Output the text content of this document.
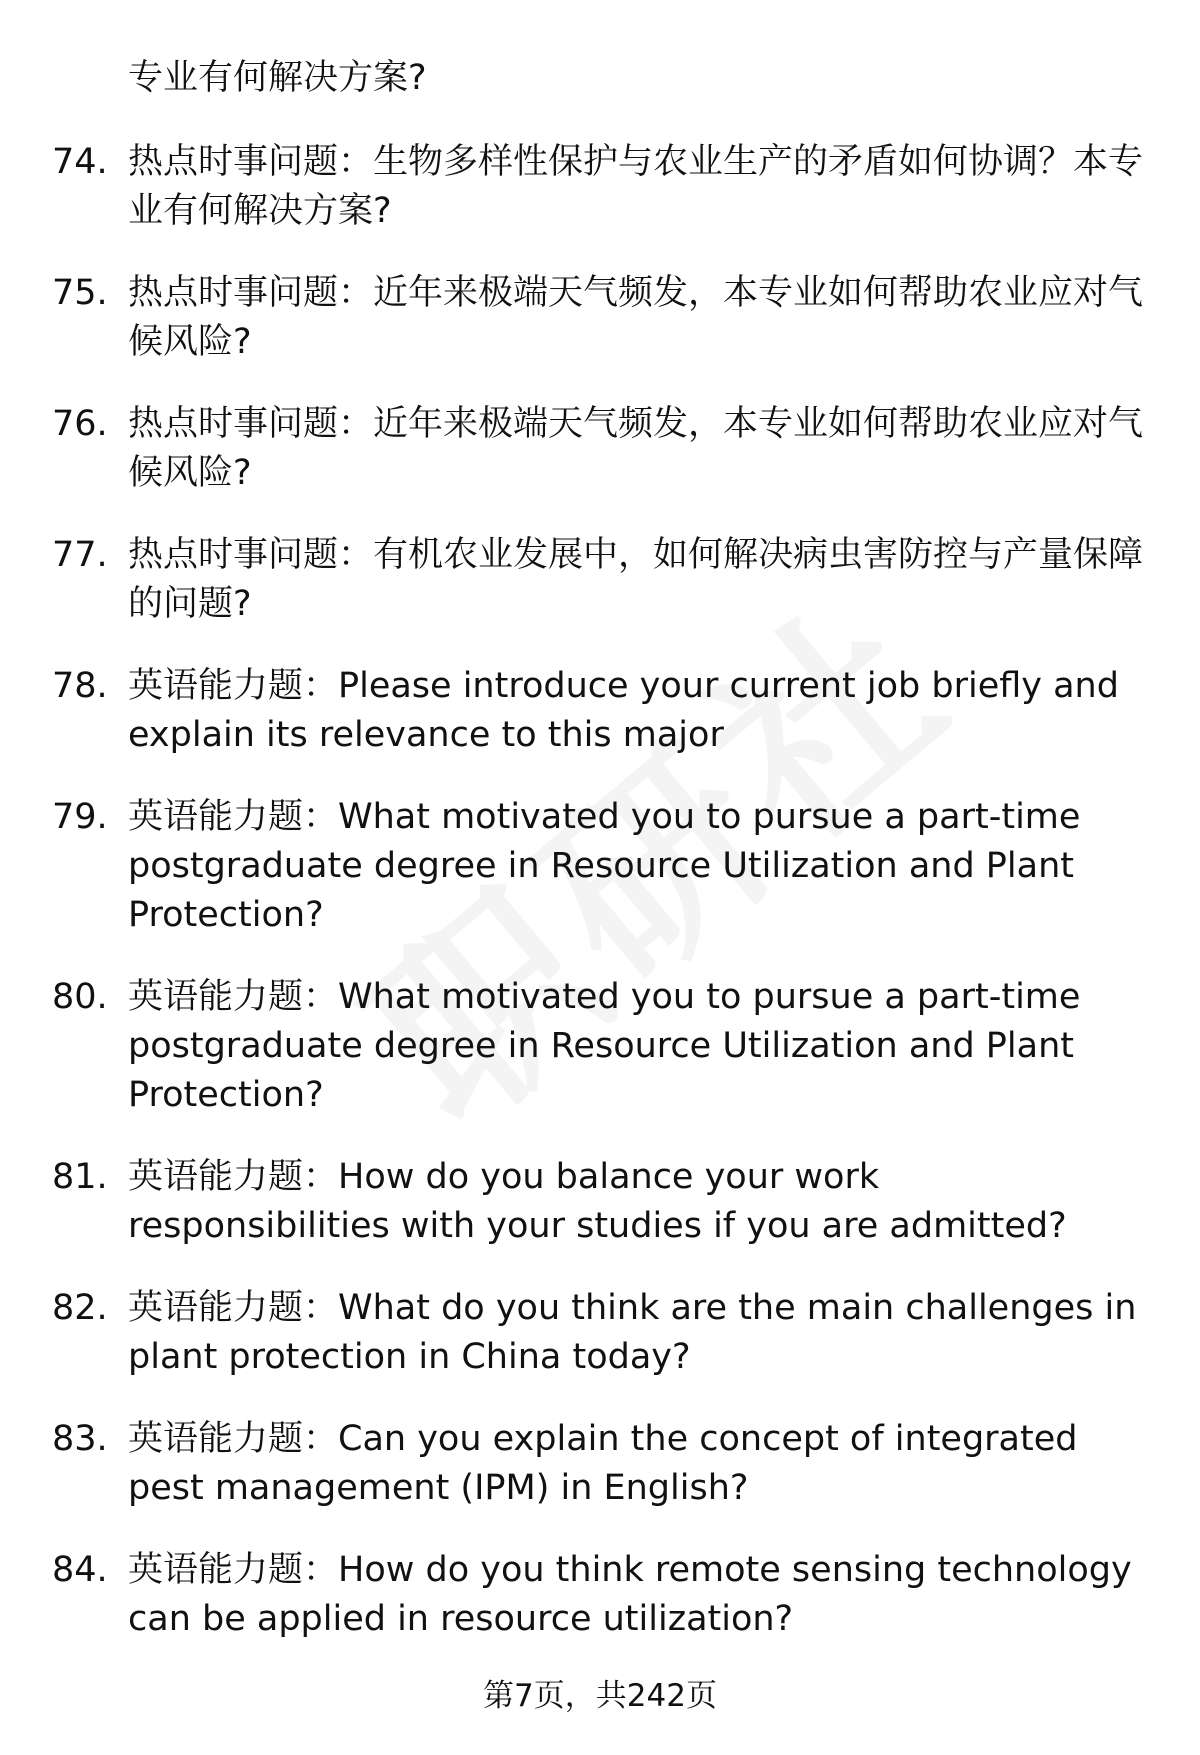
专业有何解决方案?
74. 热点时事问题：生物多样性保护与农业生产的矛盾如何协调？本专业有何解决方案?
75. 热点时事问题：近年来极端天气频发，本专业如何帮助农业应对气候风险?
76. 热点时事问题：近年来极端天气频发，本专业如何帮助农业应对气候风险?
77. 热点时事问题：有机农业发展中，如何解决病虫害防控与产量保障的问题?
78. 英语能力题：Please introduce your current job briefly and explain its relevance to this major
79. 英语能力题：What motivated you to pursue a part-time postgraduate degree in Resource Utilization and Plant Protection?
80. 英语能力题：What motivated you to pursue a part-time postgraduate degree in Resource Utilization and Plant Protection?
81. 英语能力题：How do you balance your work responsibilities with your studies if you are admitted?
82. 英语能力题：What do you think are the main challenges in plant protection in China today?
83. 英语能力题：Can you explain the concept of integrated pest management (IPM) in English?
84. 英语能力题：How do you think remote sensing technology can be applied in resource utilization?
第7页，共242页
